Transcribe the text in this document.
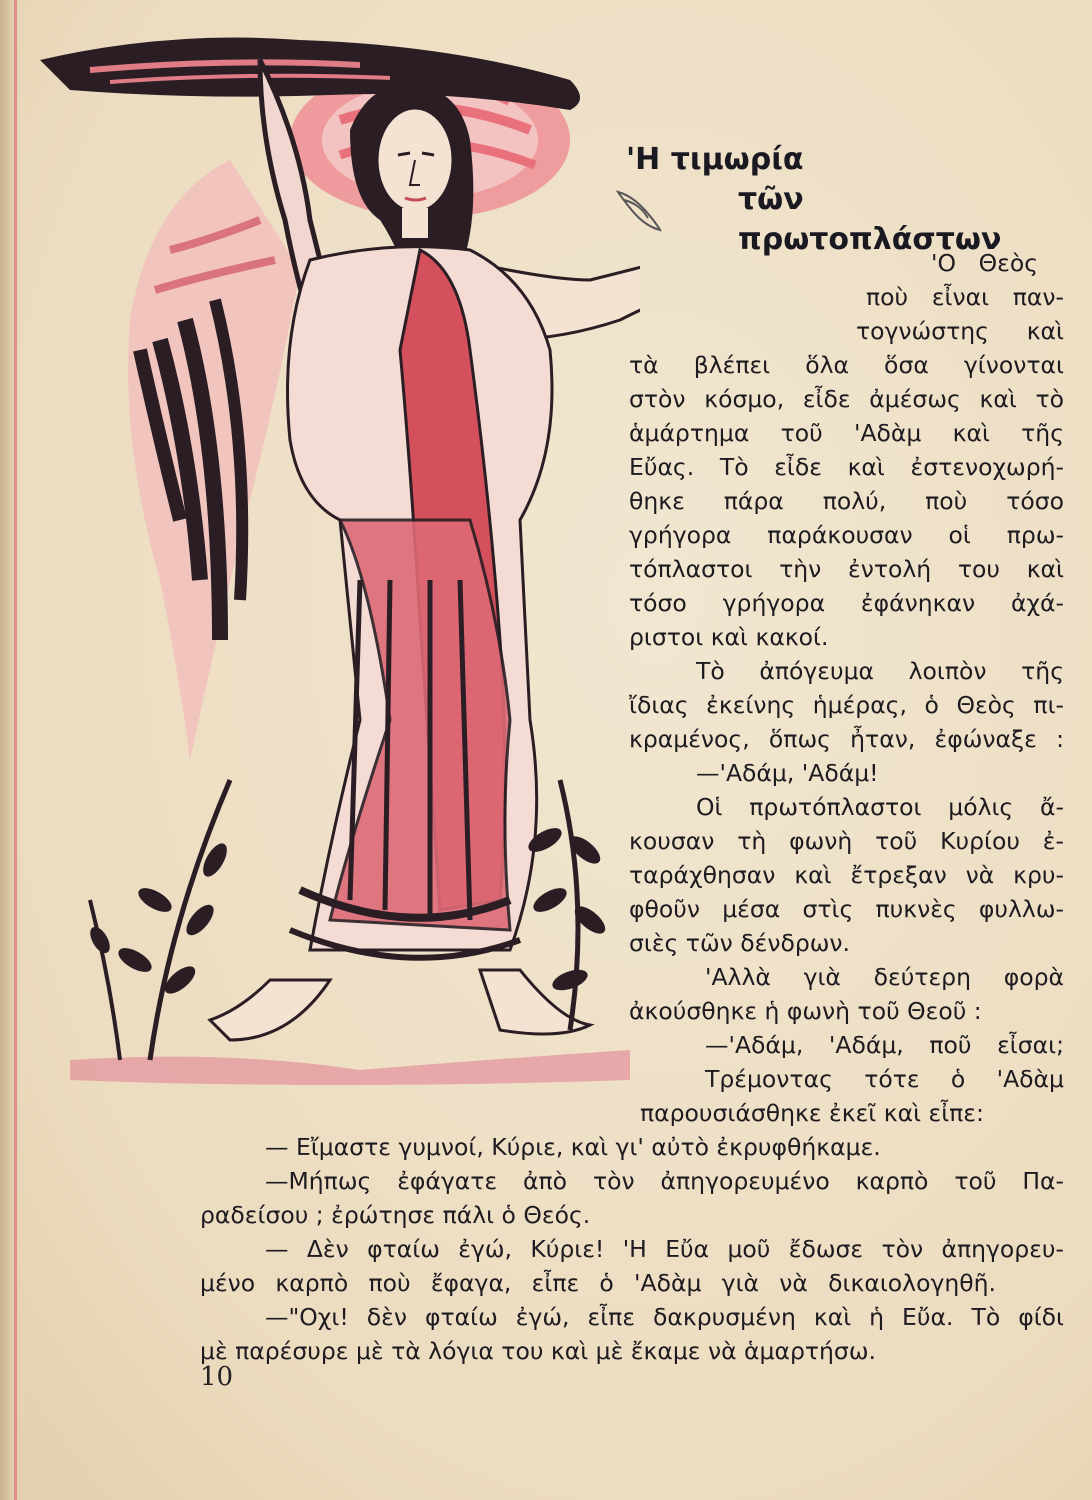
'Η τιμωρία
τῶν πρωτοπλάστων

'Ο Θεὸς

ποὺ εἶναι παν-

τογνώστης καὶ

τὰ βλέπει ὅλα ὅσα γίνονται

στὸν κόσμο, εἶδε ἀμέσως καὶ τὸ

ἁμάρτημα τοῦ 'Αδὰμ καὶ τῆς

Εὔας. Τὸ εἶδε καὶ ἐστενοχωρή-

θηκε πάρα πολύ, ποὺ τόσο

γρήγορα παράκουσαν οἱ πρω-

τόπλαστοι τὴν ἐντολή του καὶ

τόσο γρήγορα ἐφάνηκαν ἀχά-

ριστοι καὶ κακοί.

Τὸ ἀπόγευμα λοιπὸν τῆς

ἴδιας ἐκείνης ἡμέρας, ὁ Θεὸς πι-

κραμένος, ὅπως ἦταν, ἐφώναξε :

—'Αδάμ, 'Αδάμ!

Οἱ πρωτόπλαστοι μόλις ἄ-

κουσαν τὴ φωνὴ τοῦ Κυρίου ἐ-

ταράχθησαν καὶ ἔτρεξαν νὰ κρυ-

φθοῦν μέσα στὶς πυκνὲς φυλλω-

σιὲς τῶν δένδρων.

'Αλλὰ γιὰ δεύτερη φορὰ

ἀκούσθηκε ἡ φωνὴ τοῦ Θεοῦ :

—'Αδάμ, 'Αδάμ, ποῦ εἶσαι;

Τρέμοντας τότε ὁ 'Αδὰμ

παρουσιάσθηκε ἐκεῖ καὶ εἶπε:

— Εἴμαστε γυμνοί, Κύριε, καὶ γι' αὐτὸ ἐκρυφθήκαμε.

—Μήπως ἐφάγατε ἀπὸ τὸν ἀπηγορευμένο καρπὸ τοῦ Πα-

ραδείσου ; ἐρώτησε πάλι ὁ Θεός.

— Δὲν φταίω ἐγώ, Κύριε! 'Η Εὔα μοῦ ἔδωσε τὸν ἀπηγορευ-

μένο καρπὸ ποὺ ἔφαγα, εἶπε ὁ 'Αδὰμ γιὰ νὰ δικαιολογηθῆ.

—"Οχι! δὲν φταίω ἐγώ, εἶπε δακρυσμένη καὶ ἡ Εὔα. Τὸ φίδι

μὲ παρέσυρε μὲ τὰ λόγια του καὶ μὲ ἔκαμε νὰ ἁμαρτήσω.

10
